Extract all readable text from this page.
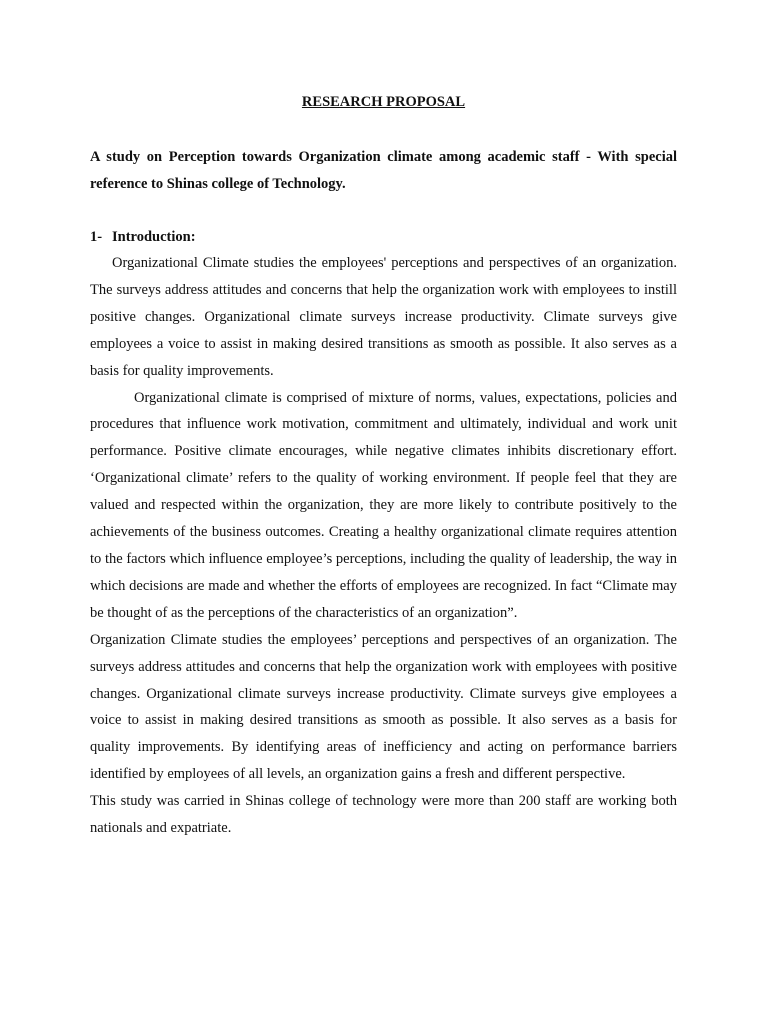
RESEARCH PROPOSAL
A study on Perception towards Organization climate among academic staff - With special reference to Shinas college of Technology.
1- Introduction:

Organizational Climate studies the employees' perceptions and perspectives of an organization. The surveys address attitudes and concerns that help the organization work with employees to instill positive changes. Organizational climate surveys increase productivity. Climate surveys give employees a voice to assist in making desired transitions as smooth as possible. It also serves as a basis for quality improvements.

Organizational climate is comprised of mixture of norms, values, expectations, policies and procedures that influence work motivation, commitment and ultimately, individual and work unit performance. Positive climate encourages, while negative climates inhibits discretionary effort. ‘Organizational climate’ refers to the quality of working environment. If people feel that they are valued and respected within the organization, they are more likely to contribute positively to the achievements of the business outcomes. Creating a healthy organizational climate requires attention to the factors which influence employee’s perceptions, including the quality of leadership, the way in which decisions are made and whether the efforts of employees are recognized. In fact “Climate may be thought of as the perceptions of the characteristics of an organization”.

Organization Climate studies the employees’ perceptions and perspectives of an organization. The surveys address attitudes and concerns that help the organization work with employees with positive changes. Organizational climate surveys increase productivity. Climate surveys give employees a voice to assist in making desired transitions as smooth as possible. It also serves as a basis for quality improvements. By identifying areas of inefficiency and acting on performance barriers identified by employees of all levels, an organization gains a fresh and different perspective.

This study was carried in Shinas college of technology were more than 200 staff are working both nationals and expatriate.
